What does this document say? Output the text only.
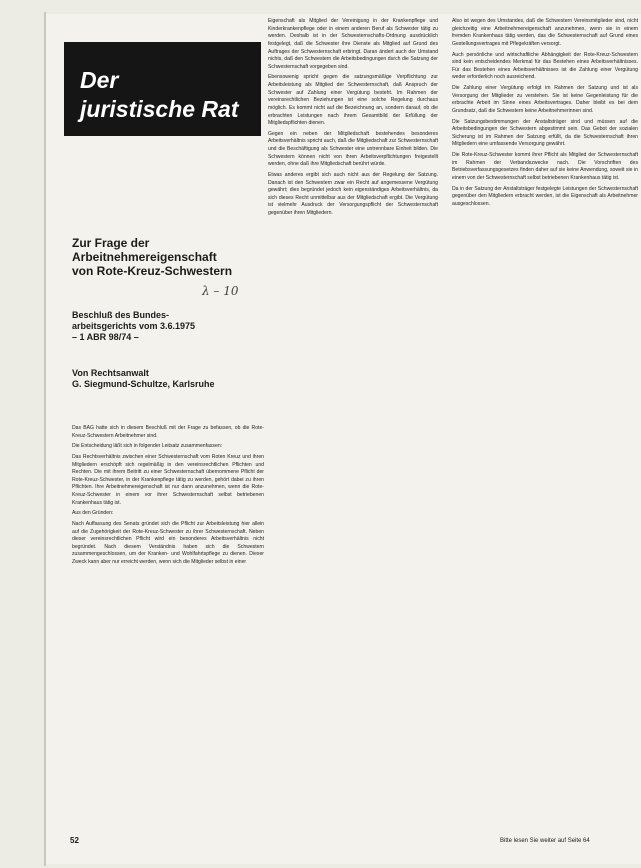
Der
juristische Rat
Zur Frage der
Arbeitnehmereigenschaft
von Rote-Kreuz-Schwestern
λ – 10
Beschluß des Bundes-
arbeitsgerichts vom 3.6.1975
– 1 ABR 98/74 –
Von Rechtsanwalt
G. Siegmund-Schultze, Karlsruhe

Das BAG hatte sich in diesem Beschluß mit der Frage zu befassen, ob die Rote-Kreuz-Schwestern Arbeitnehmer sind.

Die Entscheidung läßt sich in folgender Leitsatz zusammenfassen:

Das Rechtsverhältnis zwischen einer Schwesternschaft vom Roten Kreuz und ihren Mitgliedern erschöpft sich regelmäßig in den vereinsrechtlichen Pflichten und Rechten. Die mit ihrem Beitritt zu einer Schwesternschaft übernommene Pflicht der Rote-Kreuz-Schwester, in der Krankenpflege tätig zu werden, gehört dabei zu ihren Pflichten. Ihre Arbeitnehmereigenschaft ist nur dann anzunehmen, wenn die Rote-Kreuz-Schwester in einem vor ihrer Schwesternschaft selbst betriebenen Krankenhaus tätig ist.

Aus den Gründen:

Nach Auffassung des Senats gründet sich die Pflicht zur Arbeitsleistung hier allein auf die Zugehörigkeit der Rote-Kreuz-Schwester zu ihrer Schwesternschaft. Neben dieser vereinsrechtlichen Pflicht wird ein besonderes Arbeitsverhältnis nicht begründet. Nach diesem Verständnis haben sich die Schwestern zusammengeschlossen, um der Kranken- und Wohlfahrtspflege zu dienen. Dieser Zweck kann aber nur erreicht werden, wenn sich die Mitglieder selbst in einer

Eigenschaft als Mitglied der Vereinigung in der Krankenpflege und Kinderkrankenpflege oder in einem anderen Beruf als Schwester tätig zu werden. Deshalb ist in der Schwesternschafts-Ordnung ausdrücklich festgelegt, daß die Schwester ihre Dienste als Mitglied auf Grund des Auftrages der Schwesternschaft erbringt. Daran ändert auch der Umstand nichts, daß den Schwestern die Arbeitsbedingungen durch die Satzung der Schwesternschaft vorgegeben sind.

Ebensowenig spricht gegen die satzungsmäßige Verpflichtung zur Arbeitsleistung als Mitglied der Schwesternschaft, daß Anspruch der Schwester auf Zahlung einer Vergütung besteht. Im Rahmen der vereinsrechtlichen Beziehungen ist eine solche Regelung durchaus möglich. Es kommt nicht auf die Bezeichnung an, sondern darauf, ob die erbrachten Leistungen nach ihrem Gesamtbild der Erfüllung der Mitgliedspflichten dienen.

Gegen ein neben der Mitgliedschaft bestehendes besonderes Arbeitsverhältnis spricht auch, daß die Mitgliedschaft zur Schwesternschaft und die Beschäftigung als Schwester eine untrennbare Einheit bilden. Die Schwestern können nicht von ihren Arbeitsverpflichtungen freigestellt werden, ohne daß ihre Mitgliedschaft berührt würde.

Etwas anderes ergibt sich auch nicht aus der Regelung der Satzung. Danach ist den Schwestern zwar ein Recht auf angemessene Vergütung gewährt; dies begründet jedoch kein eigenständiges Arbeitsverhältnis, da sich dieses Recht unmittelbar aus der Mitgliedschaft ergibt. Die Vergütung ist vielmehr Ausdruck der Versorgungspflicht der Schwesternschaft gegenüber ihren Mitgliedern.

Also ist wegen des Umstandes, daß die Schwestern Vereinsmitglieder sind, nicht gleichzeitig eine Arbeitnehmereigenschaft anzunehmen, wenn sie in einem fremden Krankenhaus tätig werden, das die Schwesternschaft auf Grund eines Gestellungsvertrages mit Pflegekräften versorgt.

Auch persönliche und wirtschaftliche Abhängigkeit der Rote-Kreuz-Schwestern sind kein entscheidendes Merkmal für das Bestehen eines Arbeitsverhältnisses. Für das Bestehen eines Arbeitsverhältnisses ist die Zahlung einer Vergütung weder erforderlich noch ausreichend.

Die Zahlung einer Vergütung erfolgt im Rahmen der Satzung und ist als Versorgung der Mitglieder zu verstehen. Sie ist keine Gegenleistung für die erbrachte Arbeit im Sinne eines Arbeitsvertrages. Daher bleibt es bei dem Grundsatz, daß die Schwestern keine Arbeitnehmerinnen sind.

Die Satzungsbestimmungen der Anstaltsträger sind und müssen auf die Arbeitsbedingungen der Schwestern abgestimmt sein. Das Gebot der sozialen Sicherung ist im Rahmen der Satzung erfüllt, da die Schwesternschaft ihren Mitgliedern eine umfassende Versorgung gewährt.

Die Rote-Kreuz-Schwester kommt ihrer Pflicht als Mitglied der Schwesternschaft im Rahmen der Verbandszwecke nach. Die Vorschriften des Betriebsverfassungsgesetzes finden daher auf sie keine Anwendung, soweit sie in einem von der Schwesternschaft selbst betriebenen Krankenhaus tätig ist.

Da in der Satzung der Anstaltsträger festgelegte Leistungen der Schwesternschaft gegenüber den Mitgliedern erbracht werden, ist die Eigenschaft als Arbeitnehmer ausgeschlossen.

52	Bitte lesen Sie weiter auf Seite 64
